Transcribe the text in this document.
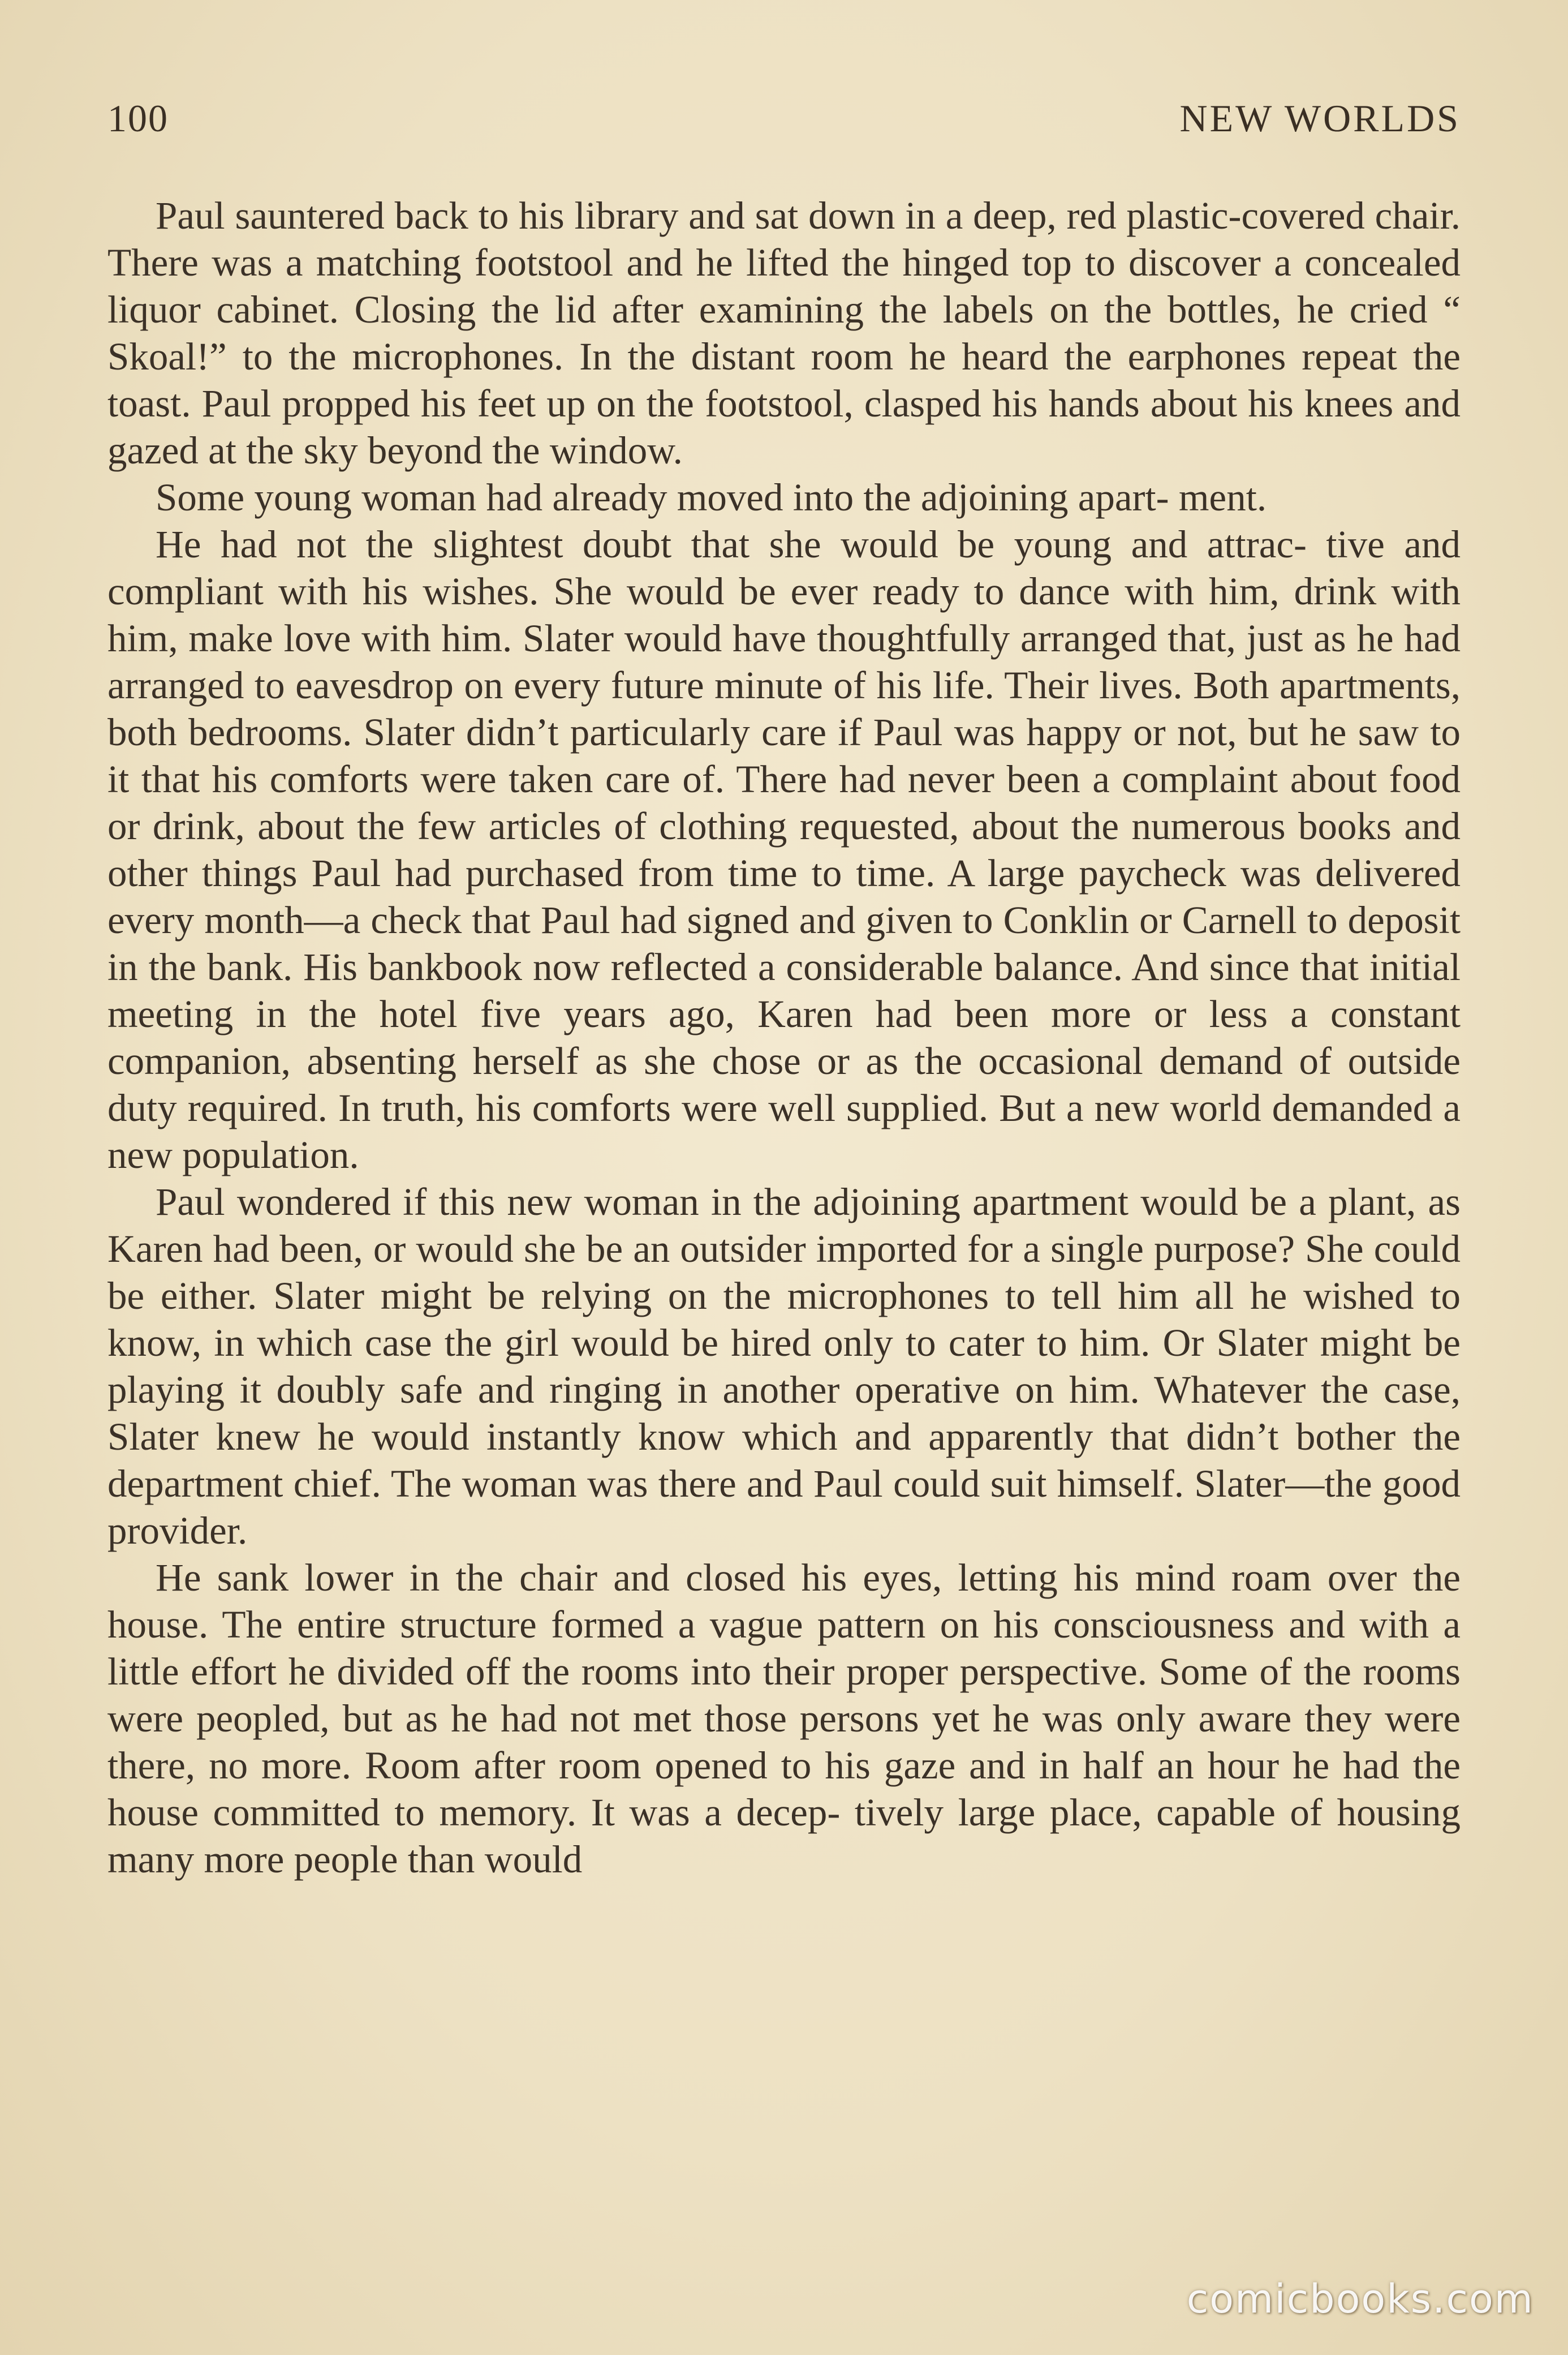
100	NEW WORLDS

Paul sauntered back to his library and sat down in a deep, red plastic-covered chair. There was a matching footstool and he lifted the hinged top to discover a concealed liquor cabinet. Closing the lid after examining the labels on the bottles, he cried “ Skoal!” to the microphones. In the distant room he heard the earphones repeat the toast. Paul propped his feet up on the footstool, clasped his hands about his knees and gazed at the sky beyond the window.

Some young woman had already moved into the adjoining apart- ment.

He had not the slightest doubt that she would be young and attrac- tive and compliant with his wishes. She would be ever ready to dance with him, drink with him, make love with him. Slater would have thoughtfully arranged that, just as he had arranged to eavesdrop on every future minute of his life. Their lives. Both apartments, both bedrooms. Slater didn’t particularly care if Paul was happy or not, but he saw to it that his comforts were taken care of. There had never been a complaint about food or drink, about the few articles of clothing requested, about the numerous books and other things Paul had purchased from time to time. A large paycheck was delivered every month—a check that Paul had signed and given to Conklin or Carnell to deposit in the bank. His bankbook now reflected a considerable balance. And since that initial meeting in the hotel five years ago, Karen had been more or less a constant companion, absenting herself as she chose or as the occasional demand of outside duty required. In truth, his comforts were well supplied. But a new world demanded a new population.

Paul wondered if this new woman in the adjoining apartment would be a plant, as Karen had been, or would she be an outsider imported for a single purpose? She could be either. Slater might be relying on the microphones to tell him all he wished to know, in which case the girl would be hired only to cater to him. Or Slater might be playing it doubly safe and ringing in another operative on him. Whatever the case, Slater knew he would instantly know which and apparently that didn’t bother the department chief. The woman was there and Paul could suit himself. Slater—the good provider.

He sank lower in the chair and closed his eyes, letting his mind roam over the house. The entire structure formed a vague pattern on his consciousness and with a little effort he divided off the rooms into their proper perspective. Some of the rooms were peopled, but as he had not met those persons yet he was only aware they were there, no more. Room after room opened to his gaze and in half an hour he had the house committed to memory. It was a decep- tively large place, capable of housing many more people than would

comicbooks.com
